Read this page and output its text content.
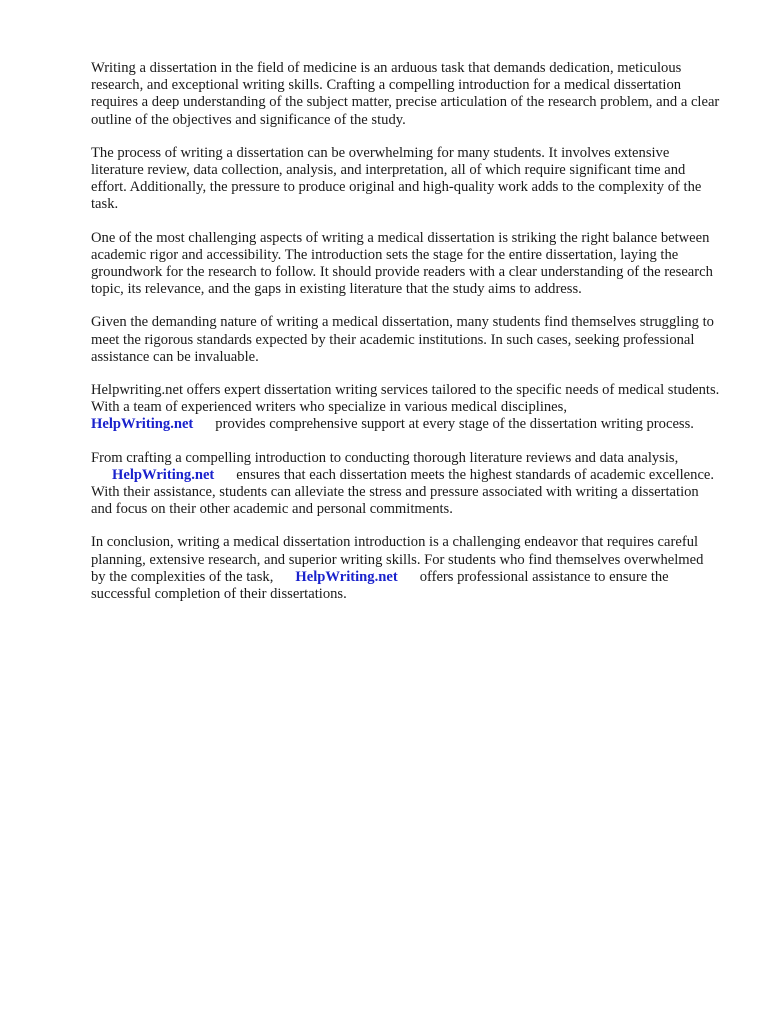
Writing a dissertation in the field of medicine is an arduous task that demands dedication, meticulous research, and exceptional writing skills. Crafting a compelling introduction for a medical dissertation requires a deep understanding of the subject matter, precise articulation of the research problem, and a clear outline of the objectives and significance of the study.

The process of writing a dissertation can be overwhelming for many students. It involves extensive literature review, data collection, analysis, and interpretation, all of which require significant time and effort. Additionally, the pressure to produce original and high-quality work adds to the complexity of the task.

One of the most challenging aspects of writing a medical dissertation is striking the right balance between academic rigor and accessibility. The introduction sets the stage for the entire dissertation, laying the groundwork for the research to follow. It should provide readers with a clear understanding of the research topic, its relevance, and the gaps in existing literature that the study aims to address.

Given the demanding nature of writing a medical dissertation, many students find themselves struggling to meet the rigorous standards expected by their academic institutions. In such cases, seeking professional assistance can be invaluable.

Helpwriting.net offers expert dissertation writing services tailored to the specific needs of medical students. With a team of experienced writers who specialize in various medical disciplines,
HelpWriting.net provides comprehensive support at every stage of the dissertation writing process.

From crafting a compelling introduction to conducting thorough literature reviews and data analysis,
HelpWriting.net ensures that each dissertation meets the highest standards of academic excellence. With their assistance, students can alleviate the stress and pressure associated with writing a dissertation and focus on their other academic and personal commitments.

In conclusion, writing a medical dissertation introduction is a challenging endeavor that requires careful planning, extensive research, and superior writing skills. For students who find themselves overwhelmed by the complexities of the task, HelpWriting.net offers professional assistance to ensure the successful completion of their dissertations.
